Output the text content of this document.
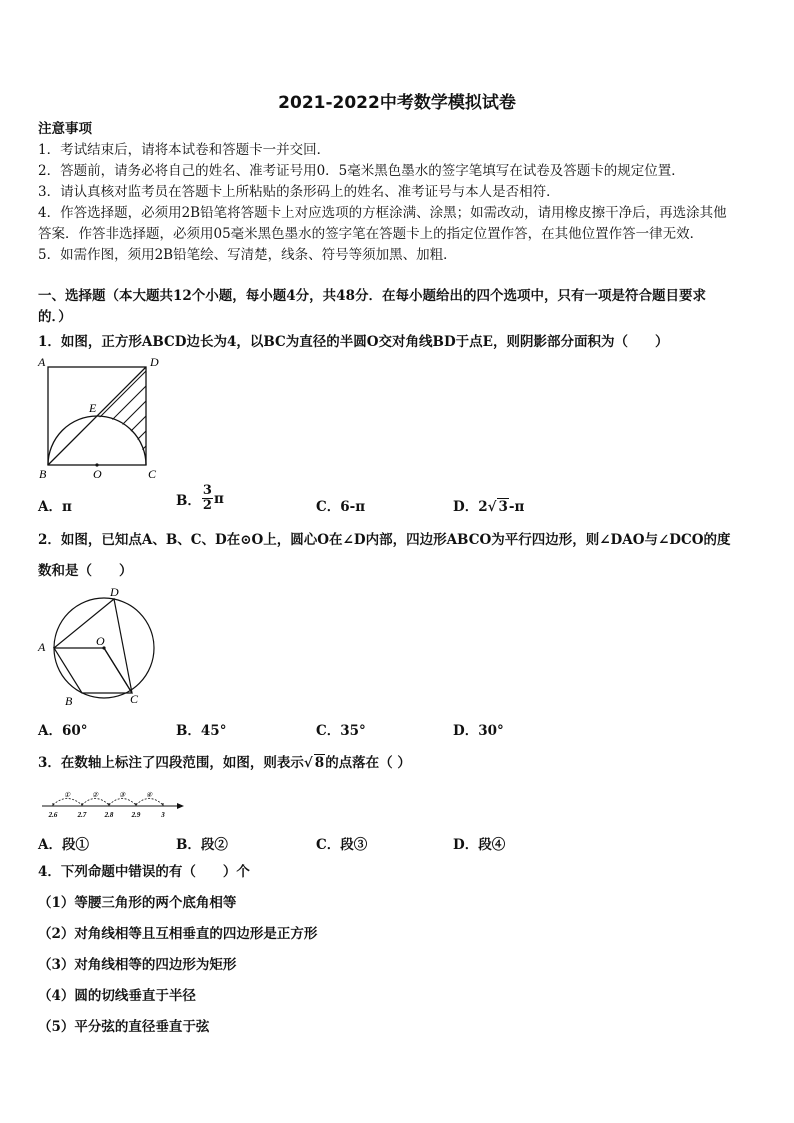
2021-2022中考数学模拟试卷
注意事项
1．考试结束后，请将本试卷和答题卡一并交回．
2．答题前，请务必将自己的姓名、准考证号用0．5毫米黑色墨水的签字笔填写在试卷及答题卡的规定位置．
3．请认真核对监考员在答题卡上所粘贴的条形码上的姓名、准考证号与本人是否相符．
4．作答选择题，必须用2B铅笔将答题卡上对应选项的方框涂满、涂黑；如需改动，请用橡皮擦干净后，再选涂其他
答案．作答非选择题，必须用05毫米黑色墨水的签字笔在答题卡上的指定位置作答，在其他位置作答一律无效．
5．如需作图，须用2B铅笔绘、写清楚，线条、符号等须加黑、加粗．
一、选择题（本大题共12个小题，每小题4分，共48分．在每小题给出的四个选项中，只有一项是符合题目要求
的．）
1．如图，正方形ABCD边长为4，以BC为直径的半圆O交对角线BD于点E，则阴影部分面积为（　　）
A	D
E
B	O	C
A．π	B． $\frac{3}{2}$ π
C．6-π	D．2√ 3-π
2．如图，已知点A、B、C、D在⊙O上，圆心O在∠D内部，四边形ABCO为平行四边形，则∠DAO与∠DCO的度
数和是（　　）
D
A	O
B	C
A．60°	B．45°	C．35°	D．30°
3．在数轴上标注了四段范围，如图，则表示√ 8的点落在（ ）
①	②	③	④
2.6	2.7	2.8	2.9	3
A．段①	B．段②	C．段③	D．段④
4．下列命题中错误的有（　　）个
（1）等腰三角形的两个底角相等
（2）对角线相等且互相垂直的四边形是正方形
（3）对角线相等的四边形为矩形
（4）圆的切线垂直于半径
（5）平分弦的直径垂直于弦
